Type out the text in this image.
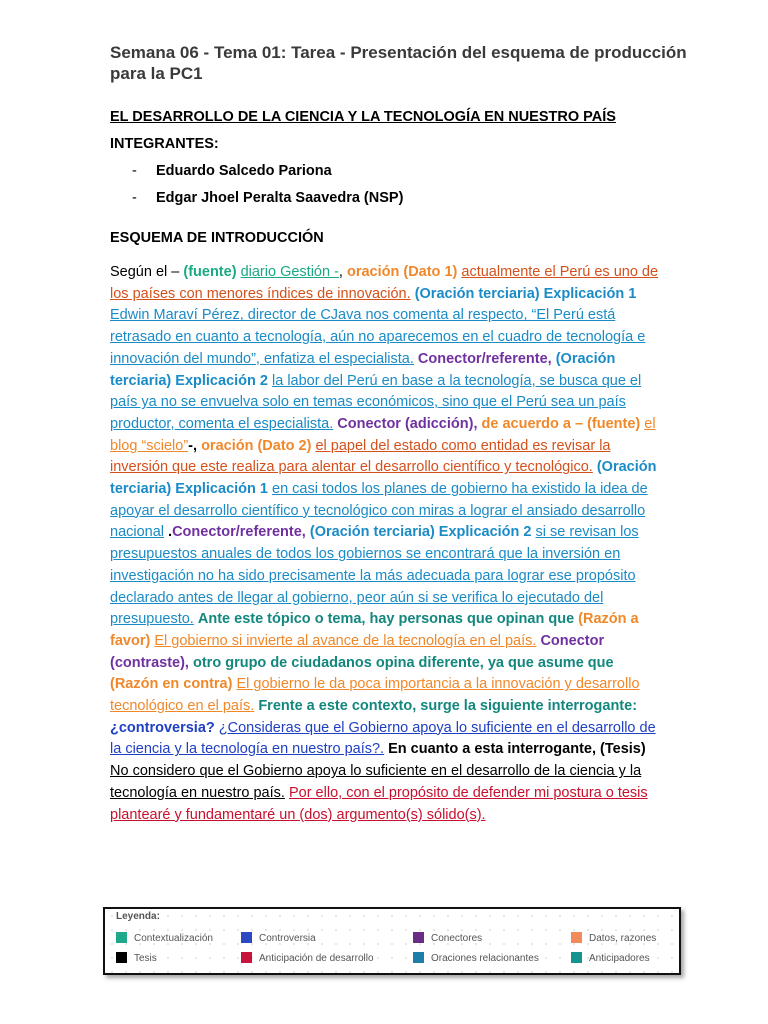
Semana 06 - Tema 01: Tarea - Presentación del esquema de producción para la PC1
EL DESARROLLO DE LA CIENCIA Y LA TECNOLOGÍA EN NUESTRO PAÍS
INTEGRANTES:
- Eduardo Salcedo Pariona
- Edgar Jhoel Peralta Saavedra (NSP)
ESQUEMA DE INTRODUCCIÓN

Según el – (fuente) diario Gestión -, oración (Dato 1) actualmente el Perú es uno de los países con menores índices de innovación. (Oración terciaria) Explicación 1 Edwin Maraví Pérez, director de CJava nos comenta al respecto, “El Perú está retrasado en cuanto a tecnología, aún no aparecemos en el cuadro de tecnología e innovación del mundo”, enfatiza el especialista. Conector/referente, (Oración terciaria) Explicación 2 la labor del Perú en base a la tecnología, se busca que el país ya no se envuelva solo en temas económicos, sino que el Perú sea un país productor, comenta el especialista. Conector (adicción), de acuerdo a – (fuente) el blog “scielo”-, oración (Dato 2) el papel del estado como entidad es revisar la inversión que este realiza para alentar el desarrollo científico y tecnológico. (Oración terciaria) Explicación 1 en casi todos los planes de gobierno ha existido la idea de apoyar el desarrollo científico y tecnológico con miras a lograr el ansiado desarrollo nacional .Conector/referente, (Oración terciaria) Explicación 2 si se revisan los presupuestos anuales de todos los gobiernos se encontrará que la inversión en investigación no ha sido precisamente la más adecuada para lograr ese propósito declarado antes de llegar al gobierno, peor aún si se verifica lo ejecutado del presupuesto. Ante este tópico o tema, hay personas que opinan que (Razón a favor) El gobierno si invierte al avance de la tecnología en el país. Conector (contraste), otro grupo de ciudadanos opina diferente, ya que asume que (Razón en contra) El gobierno le da poca importancia a la innovación y desarrollo tecnológico en el país. Frente a este contexto, surge la siguiente interrogante: ¿controversia? ¿Consideras que el Gobierno apoya lo suficiente en el desarrollo de la ciencia y la tecnología en nuestro país?. En cuanto a esta interrogante, (Tesis) No considero que el Gobierno apoya lo suficiente en el desarrollo de la ciencia y la tecnología en nuestro país. Por ello, con el propósito de defender mi postura o tesis plantearé y fundamentaré un (dos) argumento(s) sólido(s).

Leyenda:
Contextualización	Controversia	Conectores	Datos, razones
Tesis	Anticipación de desarrollo	Oraciones relacionantes	Anticipadores
